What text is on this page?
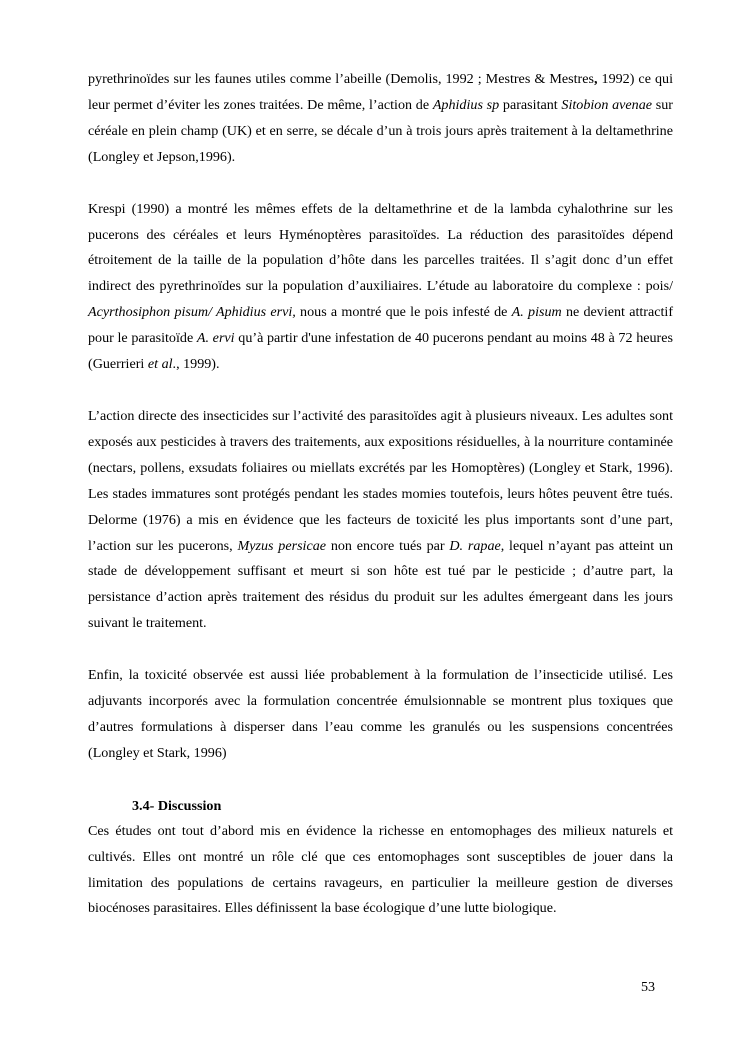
pyrethrinoïdes sur les faunes utiles comme l’abeille (Demolis, 1992 ; Mestres & Mestres, 1992) ce qui leur permet d’éviter les zones traitées. De même, l’action de Aphidius sp parasitant Sitobion avenae sur céréale en plein champ (UK) et en serre, se décale d’un à trois jours après traitement à la deltamethrine (Longley et Jepson,1996).

Krespi (1990) a montré les mêmes effets de la deltamethrine et de la lambda cyhalothrine sur les pucerons des céréales et leurs Hyménoptères parasitoïdes. La réduction des parasitoïdes dépend étroitement de la taille de la population d’hôte dans les parcelles traitées. Il s’agit donc d’un effet indirect des pyrethrinoïdes sur la population d’auxiliaires. L’étude au laboratoire du complexe : pois/ Acyrthosiphon pisum/ Aphidius ervi, nous a montré que le pois infesté de A. pisum ne devient attractif pour le parasitoïde A. ervi qu’à partir d'une infestation de 40 pucerons pendant au moins 48 à 72 heures (Guerrieri et al., 1999).

L’action directe des insecticides sur l’activité des parasitoïdes agit à plusieurs niveaux. Les adultes sont exposés aux pesticides à travers des traitements, aux expositions résiduelles, à la nourriture contaminée (nectars, pollens, exsudats foliaires ou miellats excrétés par les Homoptères) (Longley et Stark, 1996). Les stades immatures sont protégés pendant les stades momies toutefois, leurs hôtes peuvent être tués. Delorme (1976) a mis en évidence que les facteurs de toxicité les plus importants sont d’une part, l’action sur les pucerons, Myzus persicae non encore tués par D. rapae, lequel n’ayant pas atteint un stade de développement suffisant et meurt si son hôte est tué par le pesticide ; d’autre part, la persistance d’action après traitement des résidus du produit sur les adultes émergeant dans les jours suivant le traitement.

Enfin, la toxicité observée est aussi liée probablement à la formulation de l’insecticide utilisé. Les adjuvants incorporés avec la formulation concentrée émulsionnable se montrent plus toxiques que d’autres formulations à disperser dans l’eau comme les granulés ou les suspensions concentrées (Longley et Stark, 1996)

3.4- Discussion

Ces études ont tout d’abord mis en évidence la richesse en entomophages des milieux naturels et cultivés. Elles ont montré un rôle clé que ces entomophages sont susceptibles de jouer dans la limitation des populations de certains ravageurs, en particulier la meilleure gestion de diverses biocénoses parasitaires. Elles définissent la base écologique d’une lutte biologique.

53
